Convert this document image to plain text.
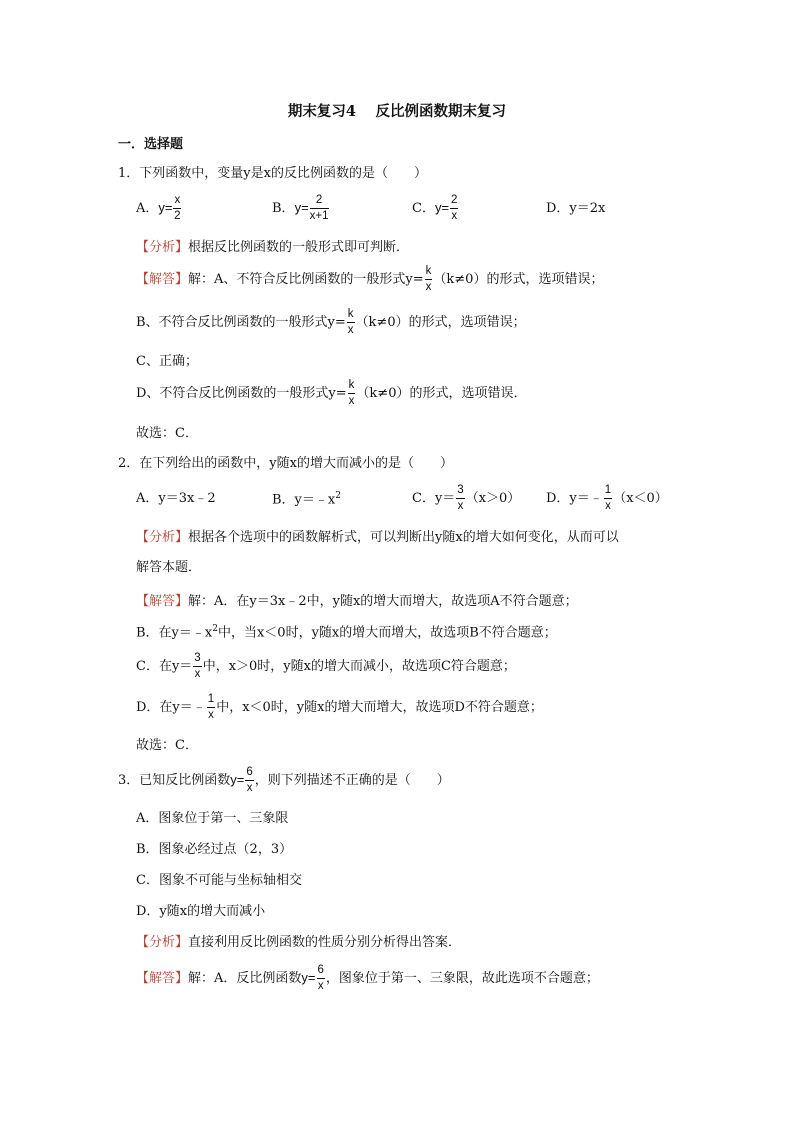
期末复习4　 反比例函数期末复习
一．选择题
1．下列函数中，变量y是x的反比例函数的是（　　）
A．$y= \frac{x}{2}$	B．$y= \frac{2}{x+1}$	C．$y= \frac{2}{x}$	D．y＝2x
【分析】根据反比例函数的一般形式即可判断．
【解答】解：A、不符合反比例函数的一般形式$y= \frac{k}{x} (k\ne 0)$的形式，选项错误；
B、不符合反比例函数的一般形式$y= \frac{k}{x} (k\ne 0)$的形式，选项错误；
C、正确；
D、不符合反比例函数的一般形式$y= \frac{k}{x} (k\ne 0)$的形式，选项错误．
故选：C．
2．在下列给出的函数中，y随x的增大而减小的是（　　）
A．y＝3x﹣2	B．$y=﹣x^2$	C．$y= \frac{3}{x} (x>0)$ D．y＝﹣ $\frac{1}{x} (x<0)$
【分析】根据各个选项中的函数解析式，可以判断出y随x的增大如何变化，从而可以
解答本题．
【解答】解：A．在y＝3x﹣2中，y随x的增大而增大，故选项A不符合题意；
B．在$y=﹣x^2$中，当x＜0时，y随x的增大而增大，故选项B不符合题意；
C．在$y= \frac{3}{x}$ 中，x＞0时，y随x的增大而减小，故选项C符合题意；
D．在y＝﹣ $\frac{1}{x}$ 中，x＜0时，y随x的增大而增大，故选项D不符合题意；
故选：C．
3．已知反比例函数$y= \frac{6}{x}$ ，则下列描述不正确的是（　　）
A．图象位于第一、三象限
B．图象必经过点（2，3）
C．图象不可能与坐标轴相交
D．y随x的增大而减小
【分析】直接利用反比例函数的性质分别分析得出答案．
【解答】解：A．反比例函数$y= \frac{6}{x}$ ，图象位于第一、三象限，故此选项不合题意；
